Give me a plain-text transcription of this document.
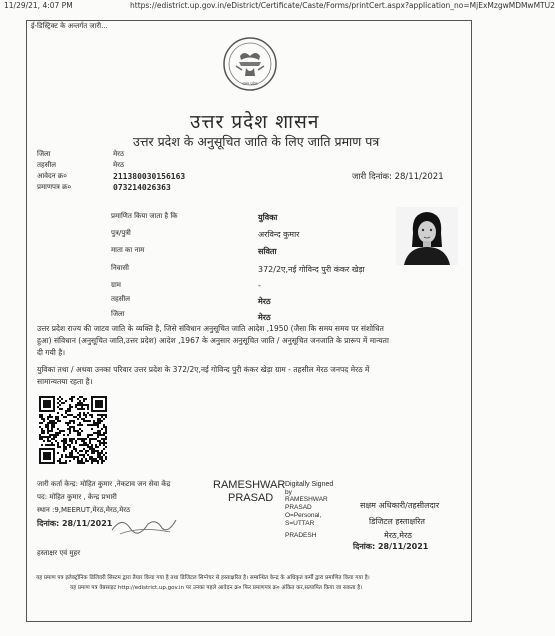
11/29/21, 4:07 PM	https://edistrict.up.gov.in/eDistrict/Certificate/Caste/Forms/printCert.aspx?application_no=MjExMzgwMDMwMTU2
ई-डिस्ट्रिक्ट के अन्तर्गत जारी...
उत्तर प्रदेश
उत्तर प्रदेश शासन
उत्तर प्रदेश के अनुसूचित जाति के लिए जाति प्रमाण पत्र
जिला	मेरठ
तहसील	मेरठ
आवेदन क्र०	211380030156163
प्रमाणपत्र क्र०	073214026363
जारी दिनांक: 28/11/2021
प्रमाणित किया जाता है कि	युविका
पुत्र/पुत्री	अरविन्द कुमार
माता का नाम	सविता
निवासी	372/2ए,नई गोविन्द पुरी कंकर खेड़ा
ग्राम	-
तहसील	मेरठ
जिला	मेरठ
उत्तर प्रदेश राज्य की जाटव जाति के व्यक्ति है, जिसे संविधान अनुसूचित जाति आदेश ,1950 (जैसा कि समय समय पर संशोधित
हुआ) संविधान (अनुसूचित जाति,उत्तर प्रदेश) आदेश ,1967 के अनुसार अनुसूचित जाति / अनुसूचित जनजाति के प्रारूप में मान्यता
दी गयी है।
युविका तथा / अथवा उनका परिवार उत्तर प्रदेश के 372/2ए,नई गोविन्द पुरी कंकर खेड़ा ग्राम - तहसील मेरठ जनपद मेरठ में
सामान्यतया रहता है।
जारी कर्ता केन्द्र: मोहित कुमार ,नेकटाव जन सेवा केंद्र
पद: मोहित कुमार , केन्द्र प्रभारी
स्थान :9,MEERUT,मेरठ,मेरठ,मेरठ
दिनांक: 28/11/2021
RAMESHWAR
PRASAD
Digitally Signed
by
RAMESHWAR
PRASAD
O=Personal,
S=UTTAR
PRADESH
सक्षम अधिकारी/तहसीलदार
डिजिटल हस्ताक्षरित
मेरठ,मेरठ
दिनांक: 28/11/2021
हस्ताक्षर एवं मुहर
यह प्रमाण पत्र इलेक्ट्रॉनिक डिलिवरी सिस्टम द्वारा तैयार किया गया है तथा डिजिटल सिग्नेचर से हस्ताक्षरित है। सम्बन्धित केन्द्र के अधिकृत कर्मी द्वारा प्रमाणित किया गया है।
यह प्रमाण पत्र वेबसाइट http://edistrict.up.gov.in पर उनका पहले आवेदन क्र० फिर प्रमाणपत्र क्र० अंकित कर,सत्यापित किया जा सकता है।
